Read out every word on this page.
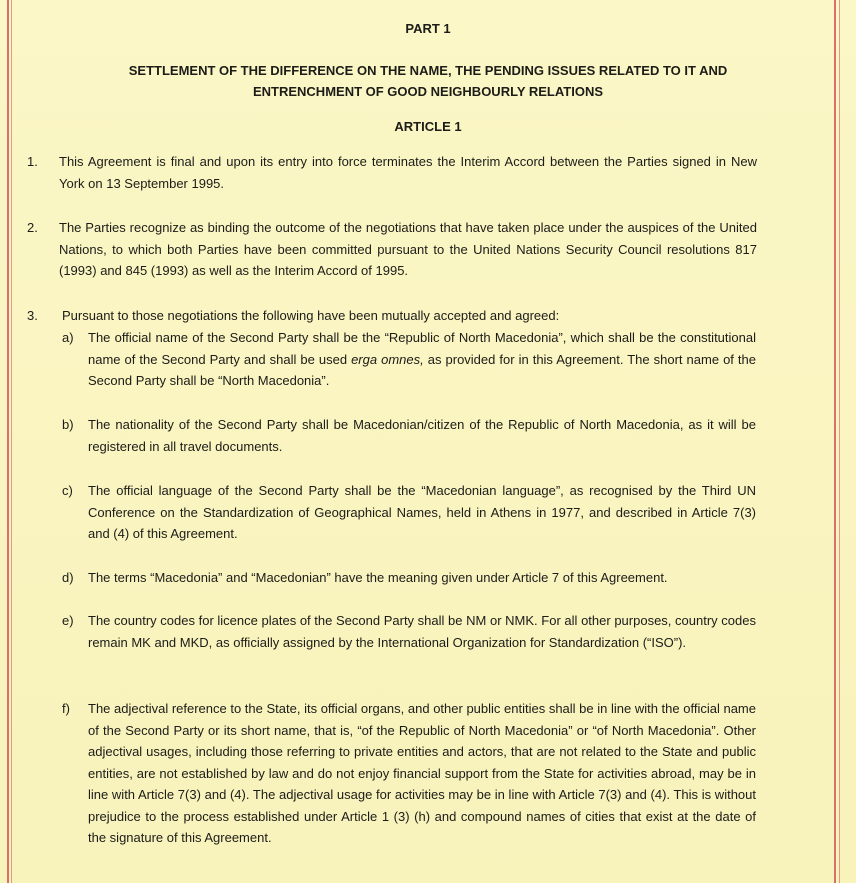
PART 1
SETTLEMENT OF THE DIFFERENCE ON THE NAME, THE PENDING ISSUES RELATED TO IT AND
ENTRENCHMENT OF GOOD NEIGHBOURLY RELATIONS
ARTICLE 1
1. This Agreement is final and upon its entry into force terminates the Interim Accord between the Parties signed in New York on 13 September 1995.
2. The Parties recognize as binding the outcome of the negotiations that have taken place under the auspices of the United Nations, to which both Parties have been committed pursuant to the United Nations Security Council resolutions 817 (1993) and 845 (1993) as well as the Interim Accord of 1995.
3. Pursuant to those negotiations the following have been mutually accepted and agreed:
a) The official name of the Second Party shall be the “Republic of North Macedonia”, which shall be the constitutional name of the Second Party and shall be used erga omnes, as provided for in this Agreement. The short name of the Second Party shall be “North Macedonia”.
b) The nationality of the Second Party shall be Macedonian/citizen of the Republic of North Macedonia, as it will be registered in all travel documents.
c) The official language of the Second Party shall be the “Macedonian language”, as recognised by the Third UN Conference on the Standardization of Geographical Names, held in Athens in 1977, and described in Article 7(3) and (4) of this Agreement.
d) The terms “Macedonia” and “Macedonian” have the meaning given under Article 7 of this Agreement.
e) The country codes for licence plates of the Second Party shall be NM or NMK. For all other purposes, country codes remain MK and MKD, as officially assigned by the International Organization for Standardization (“ISO”).
f) The adjectival reference to the State, its official organs, and other public entities shall be in line with the official name of the Second Party or its short name, that is, “of the Republic of North Macedonia” or “of North Macedonia”. Other adjectival usages, including those referring to private entities and actors, that are not related to the State and public entities, are not established by law and do not enjoy financial support from the State for activities abroad, may be in line with Article 7(3) and (4). The adjectival usage for activities may be in line with Article 7(3) and (4). This is without prejudice to the process established under Article 1 (3) (h) and compound names of cities that exist at the date of the signature of this Agreement.
